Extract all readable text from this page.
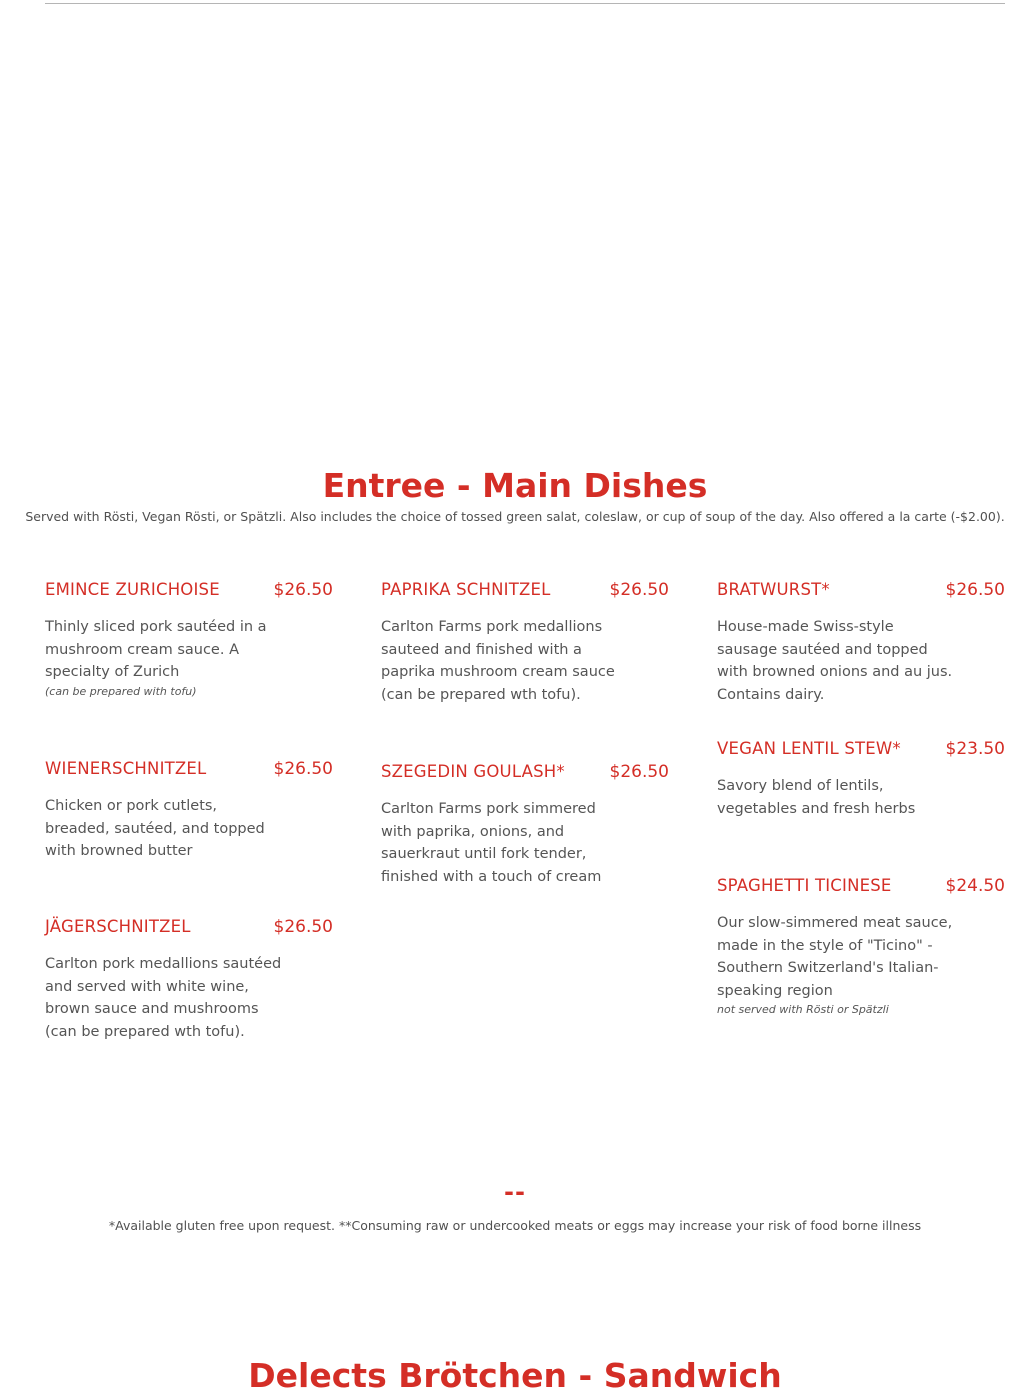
Entree - Main Dishes

Served with Rösti, Vegan Rösti, or Spätzli. Also includes the choice of tossed green salat, coleslaw, or cup of soup of the day. Also offered a la carte (-$2.00).

EMINCE ZURICHOISE	$26.50
Thinly sliced pork sautéed in a mushroom cream sauce. A specialty of Zurich
(can be prepared with tofu)
WIENERSCHNITZEL	$26.50
Chicken or pork cutlets, breaded, sautéed, and topped with browned butter
JÄGERSCHNITZEL	$26.50
Carlton pork medallions sautéed and served with white wine, brown sauce and mushrooms (can be prepared wth tofu).
PAPRIKA SCHNITZEL	$26.50
Carlton Farms pork medallions sauteed and finished with a paprika mushroom cream sauce (can be prepared wth tofu).
SZEGEDIN GOULASH*	$26.50
Carlton Farms pork simmered with paprika, onions, and sauerkraut until fork tender, finished with a touch of cream
BRATWURST*	$26.50
House-made Swiss-style sausage sautéed and topped with browned onions and au jus. Contains dairy.
VEGAN LENTIL STEW*	$23.50
Savory blend of lentils, vegetables and fresh herbs
SPAGHETTI TICINESE	$24.50
Our slow-simmered meat sauce, made in the style of "Ticino" - Southern Switzerland's Italian-speaking region
not served with Rösti or Spätzli
--

*Available gluten free upon request. **Consuming raw or undercooked meats or eggs may increase your risk of food borne illness

Delects Brötchen - Sandwich
